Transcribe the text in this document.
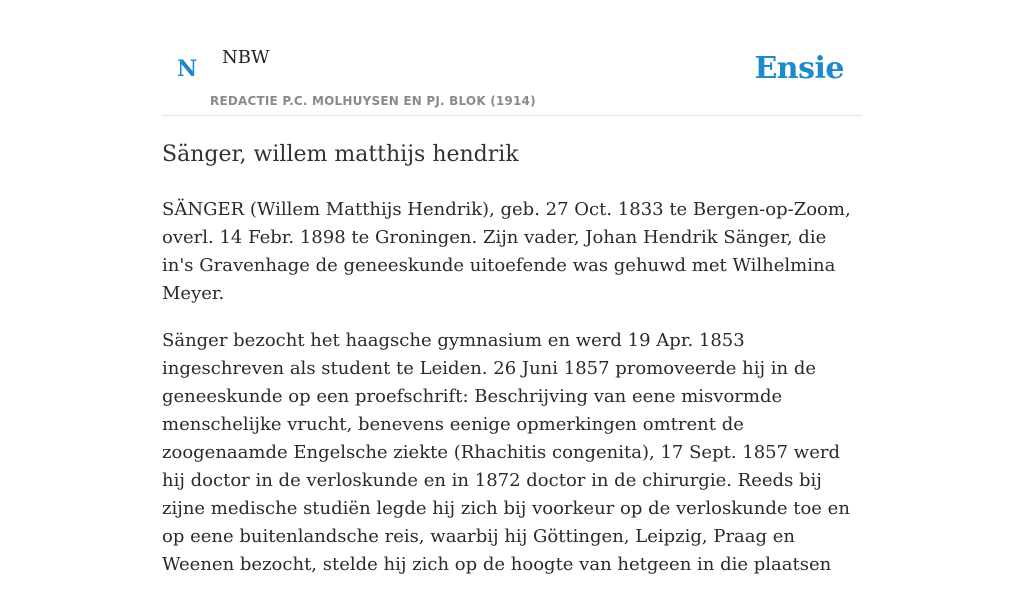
N NBW
REDACTIE P.C. MOLHUYSEN EN PJ. BLOK (1914)
Ensie
Sänger, willem matthijs hendrik

SÄNGER (Willem Matthijs Hendrik), geb. 27 Oct. 1833 te Bergen-op-Zoom, overl. 14 Febr. 1898 te Groningen. Zijn vader, Johan Hendrik Sänger, die in's Gravenhage de geneeskunde uitoefende was gehuwd met Wilhelmina Meyer.

Sänger bezocht het haagsche gymnasium en werd 19 Apr. 1853 ingeschreven als student te Leiden. 26 Juni 1857 promoveerde hij in de geneeskunde op een proefschrift: Beschrijving van eene misvormde menschelijke vrucht, benevens eenige opmerkingen omtrent de zoogenaamde Engelsche ziekte (Rhachitis congenita), 17 Sept. 1857 werd hij doctor in de verloskunde en in 1872 doctor in de chirurgie. Reeds bij zijne medische studiën legde hij zich bij voorkeur op de verloskunde toe en op eene buitenlandsche reis, waarbij hij Göttingen, Leipzig, Praag en Weenen bezocht, stelde hij zich op de hoogte van hetgeen in die plaatsen
